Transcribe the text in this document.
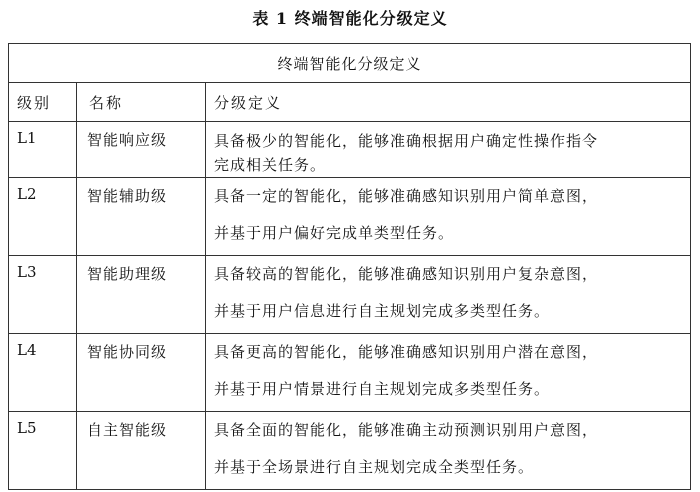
表 1 终端智能化分级定义
终端智能化分级定义		
级别	名称	分级定义
L1	智能响应级	具备极少的智能化，能够准确根据用户确定性操作指令
完成相关任务。

L2	智能辅助级	具备一定的智能化，能够准确感知识别用户简单意图，
并基于用户偏好完成单类型任务。

L3	智能助理级	具备较高的智能化，能够准确感知识别用户复杂意图，
并基于用户信息进行自主规划完成多类型任务。

L4	智能协同级	具备更高的智能化，能够准确感知识别用户潜在意图，
并基于用户情景进行自主规划完成多类型任务。

L5	自主智能级	具备全面的智能化，能够准确主动预测识别用户意图，
并基于全场景进行自主规划完成全类型任务。
